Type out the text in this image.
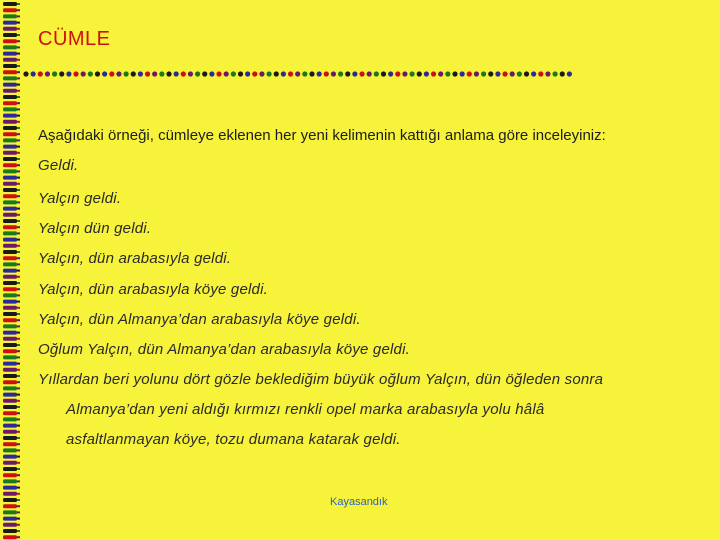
CÜMLE
Aşağıdaki örneği, cümleye eklenen her yeni kelimenin kattığı anlama göre inceleyiniz:
Geldi.
Yalçın geldi.
Yalçın dün geldi.
Yalçın, dün arabasıyla geldi.
Yalçın, dün arabasıyla köye geldi.
Yalçın, dün Almanya’dan arabasıyla köye geldi.
Oğlum Yalçın, dün Almanya’dan arabasıyla köye geldi.
Yıllardan beri yolunu dört gözle beklediğim büyük oğlum Yalçın, dün öğleden sonra
Almanya’dan yeni aldığı kırmızı renkli opel marka arabasıyla yolu hâlâ
asfaltlanmayan köye, tozu dumana katarak geldi.
Kayasandık
